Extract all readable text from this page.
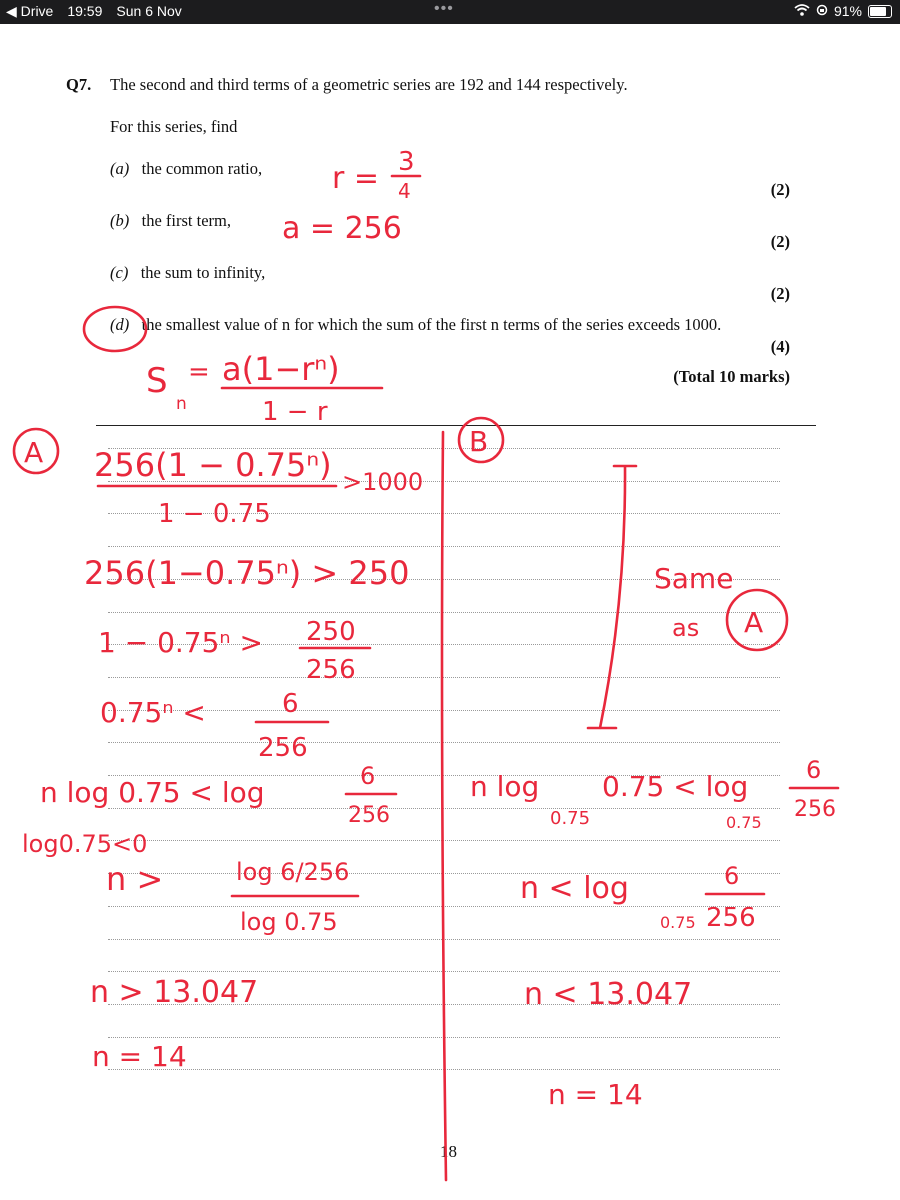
◀ Drive 19:59 Sun 6 Nov	•••	91%
Q7. The second and third terms of a geometric series are 192 and 144 respectively.
For this series, find
(a) the common ratio,
(2)
(b) the first term,
(2)
(c) the sum to infinity,
(2)
(d) the smallest value of n for which the sum of the first n terms of the series exceeds 1000.
(4)
(Total 10 marks)
18
r = 3
4
a = 256
S
n
= a(1−rⁿ)
1 − r
A 256(1 − 0.75ⁿ)
1 − 0.75
>1000
256(1−0.75ⁿ) > 250
1 − 0.75ⁿ > 250
256
0.75ⁿ <	6
256
n log 0.75 < log	6
256
log0.75<0
n >	log 6/256
log 0.75
n > 13.047
n = 14
B
Same
as A
n log
0.75
0.75 < log
0.75
6
256
n < log
0.75
6
256
n < 13.047
n = 14
